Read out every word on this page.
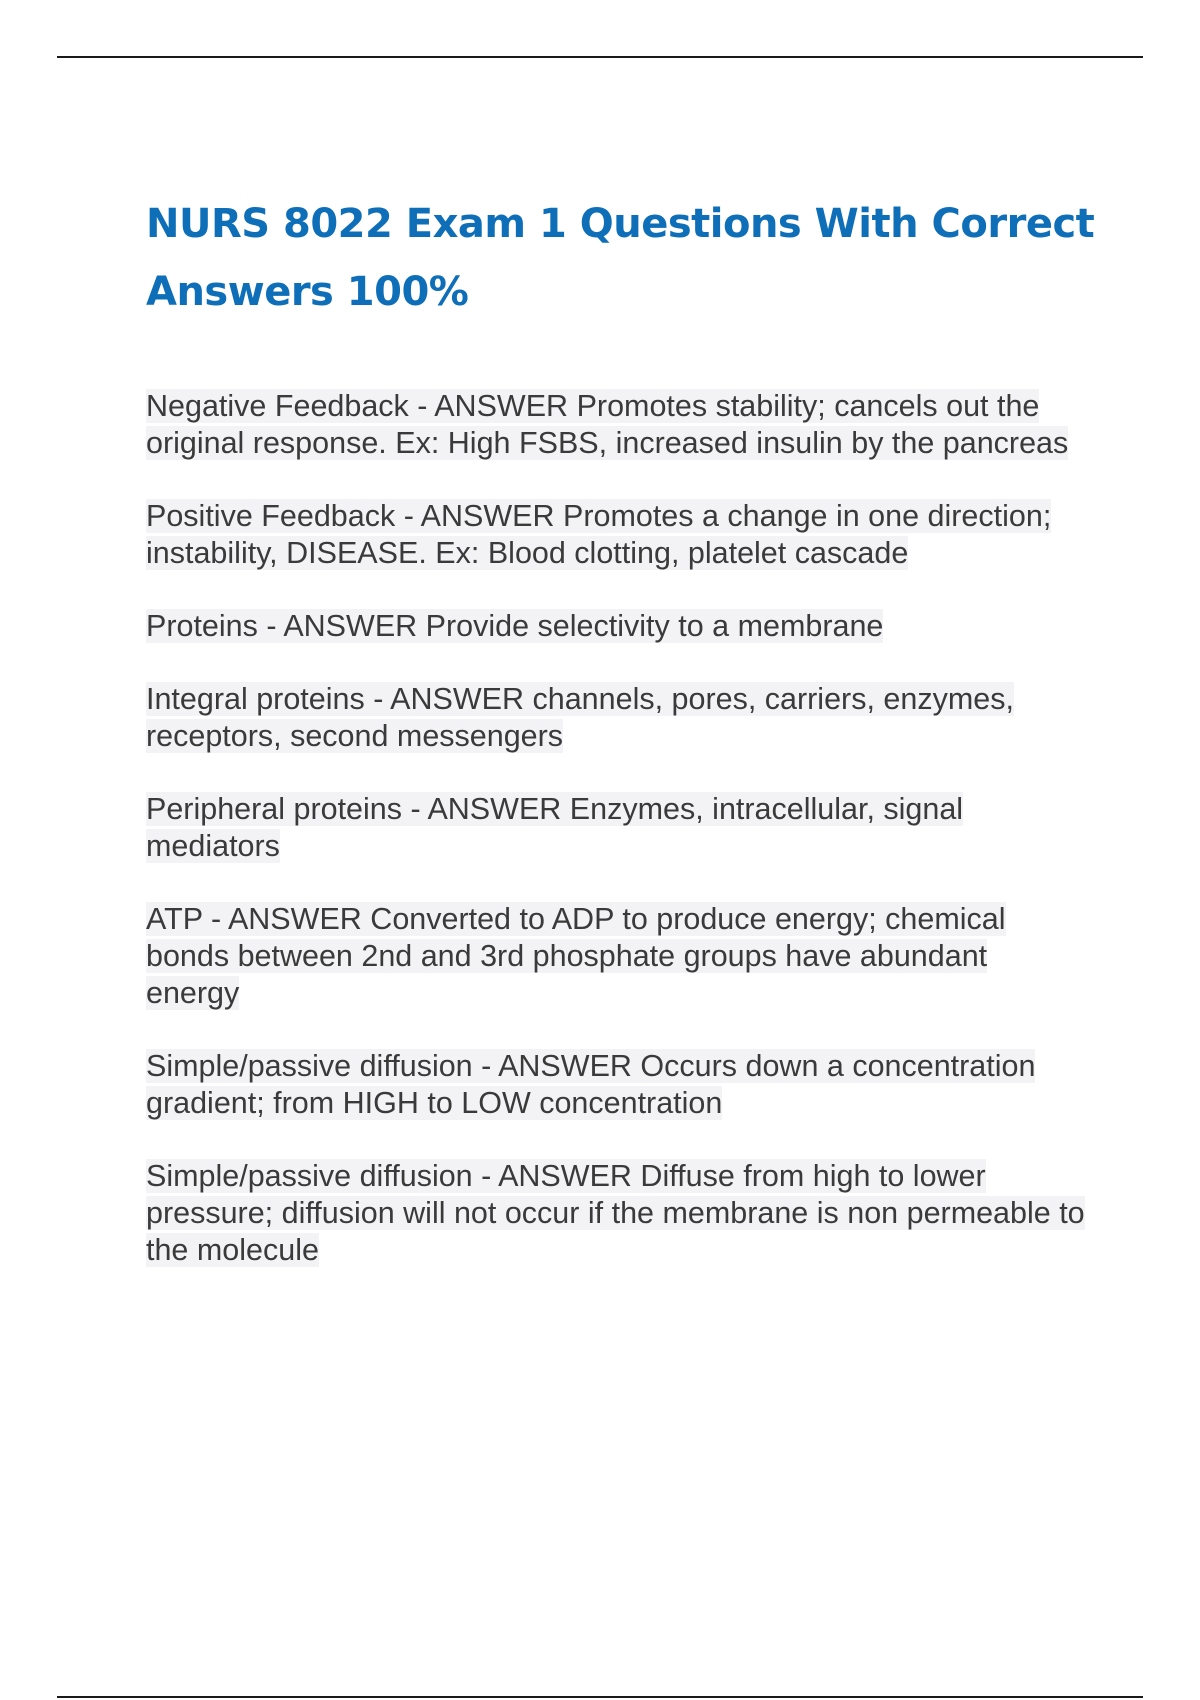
NURS 8022 Exam 1 Questions With Correct Answers 100%

Negative Feedback - ANSWER Promotes stability; cancels out the original response. Ex: High FSBS, increased insulin by the pancreas

Positive Feedback - ANSWER Promotes a change in one direction; instability, DISEASE. Ex: Blood clotting, platelet cascade

Proteins - ANSWER Provide selectivity to a membrane

Integral proteins - ANSWER channels, pores, carriers, enzymes, receptors, second messengers

Peripheral proteins - ANSWER Enzymes, intracellular, signal mediators

ATP - ANSWER Converted to ADP to produce energy; chemical bonds between 2nd and 3rd phosphate groups have abundant energy

Simple/passive diffusion - ANSWER Occurs down a concentration gradient; from HIGH to LOW concentration

Simple/passive diffusion - ANSWER Diffuse from high to lower pressure; diffusion will not occur if the membrane is non permeable to the molecule
